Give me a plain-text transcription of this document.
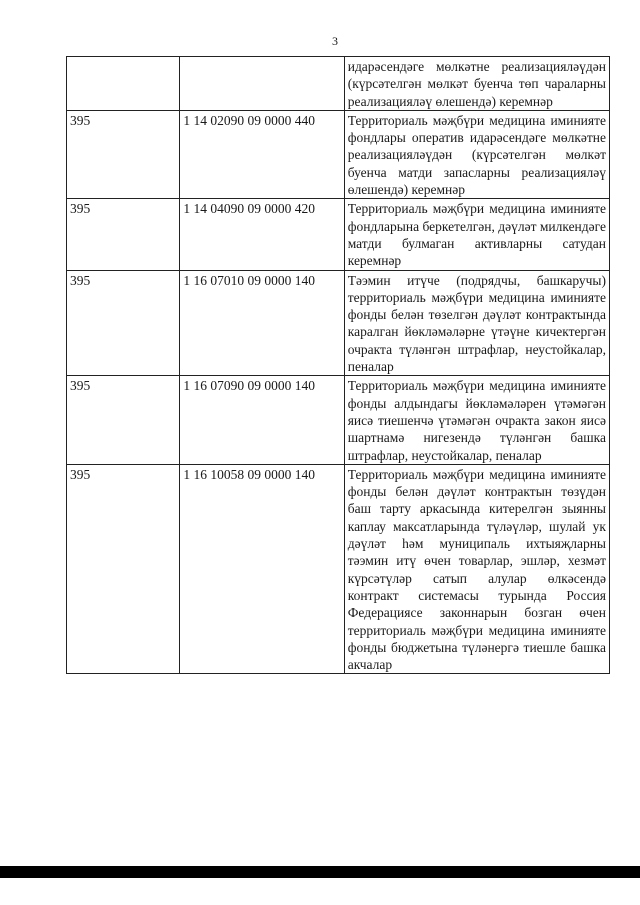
3
		идарәсендәге мөлкәтне реализацияләүдән (күрсәтелгән мөлкәт буенча төп чараларны реализацияләү өлешендә) керемнәр
395	1 14 02090 09 0000 440	Территориаль мәҗбүри медицина иминияте фондлары оператив идарәсендәге мөлкәтне реализацияләүдән (күрсәтелгән мөлкәт буенча матди запасларны реализацияләү өлешендә) керемнәр
395	1 14 04090 09 0000 420	Территориаль мәҗбүри медицина иминияте фондларына беркетелгән, дәүләт милкендәге матди булмаган активларны сатудан керемнәр
395	1 16 07010 09 0000 140	Тәэмин итүче (подрядчы, башкаручы) территориаль мәҗбүри медицина иминияте фонды белән төзелгән дәүләт контрактында каралган йөкләмәләрне үтәүне кичектергән очракта түләнгән штрафлар, неустойкалар, пеналар
395	1 16 07090 09 0000 140	Территориаль мәҗбүри медицина иминияте фонды алдындагы йөкләмәләрен үтәмәгән яисә тиешенчә үтәмәгән очракта закон яисә шартнамә нигезендә түләнгән башка штрафлар, неустойкалар, пеналар
395	1 16 10058 09 0000 140	Территориаль мәҗбүри медицина иминияте фонды белән дәүләт контрактын төзүдән баш тарту аркасында китерелгән зыянны каплау максатларында түләүләр, шулай ук дәүләт һәм муниципаль ихтыяҗларны тәэмин итү өчен товарлар, эшләр, хезмәт күрсәтүләр сатып алулар өлкәсендә контракт системасы турында Россия Федерациясе законнарын бозган өчен территориаль мәҗбүри медицина иминияте фонды бюджетына түләнергә тиешле башка акчалар
